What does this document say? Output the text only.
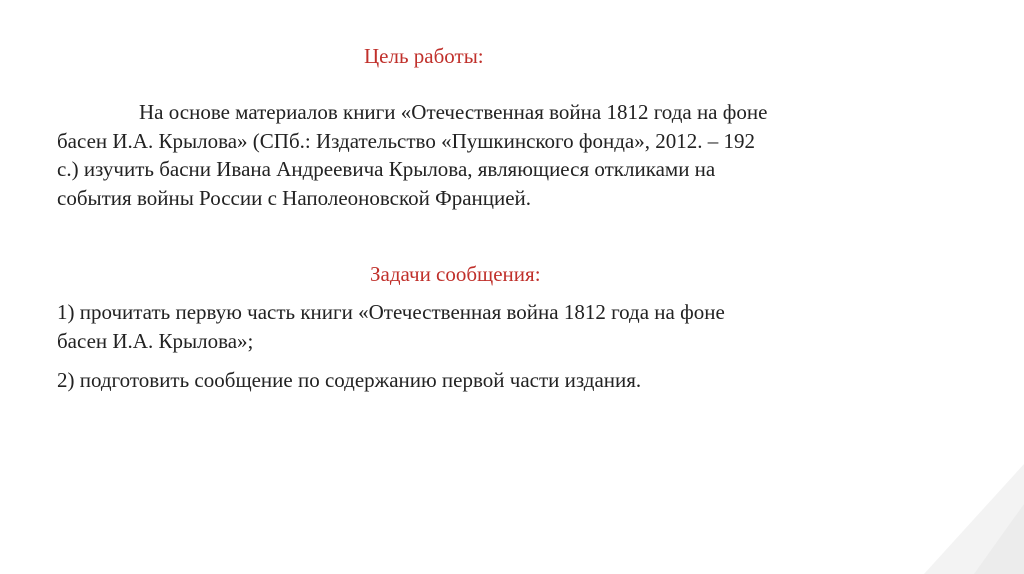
Цель работы:
На основе материалов книги «Отечественная война 1812 года на фоне
басен И.А. Крылова» (СПб.: Издательство «Пушкинского фонда», 2012. – 192
с.) изучить басни Ивана Андреевича Крылова, являющиеся откликами на
события войны России с Наполеоновской Францией.
Задачи сообщения:
1) прочитать первую часть книги «Отечественная война 1812 года на фоне
басен И.А. Крылова»;
2) подготовить сообщение по содержанию первой части издания.
